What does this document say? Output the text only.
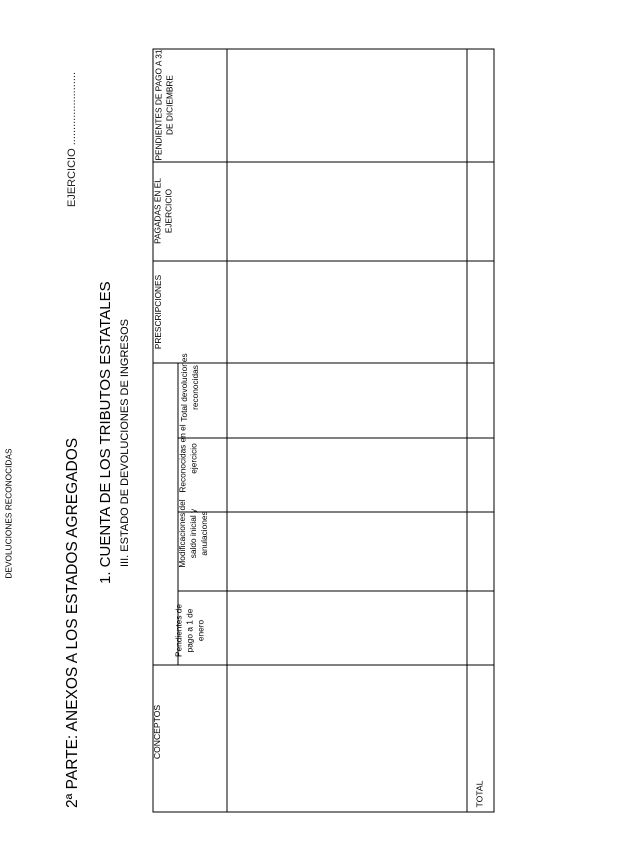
2ª PARTE: ANEXOS A LOS ESTADOS AGREGADOS
1. CUENTA DE LOS TRIBUTOS ESTATALES III. ESTADO DE DEVOLUCIONES DE INGRESOS
EJERCICIO ........................
CONCEPTOS
DEVOLUCIONES RECONOCIDAS
Pendientes de pago a 1 de enero
Modificaciones del saldo inicial y anulaciones
Reconocidas en el ejercicio
Total devoluciones reconocidas
PRESCRIPCIONES
PAGADAS EN EL EJERCICIO
PENDIENTES DE PAGO A 31 DE DICIEMBRE
TOTAL
